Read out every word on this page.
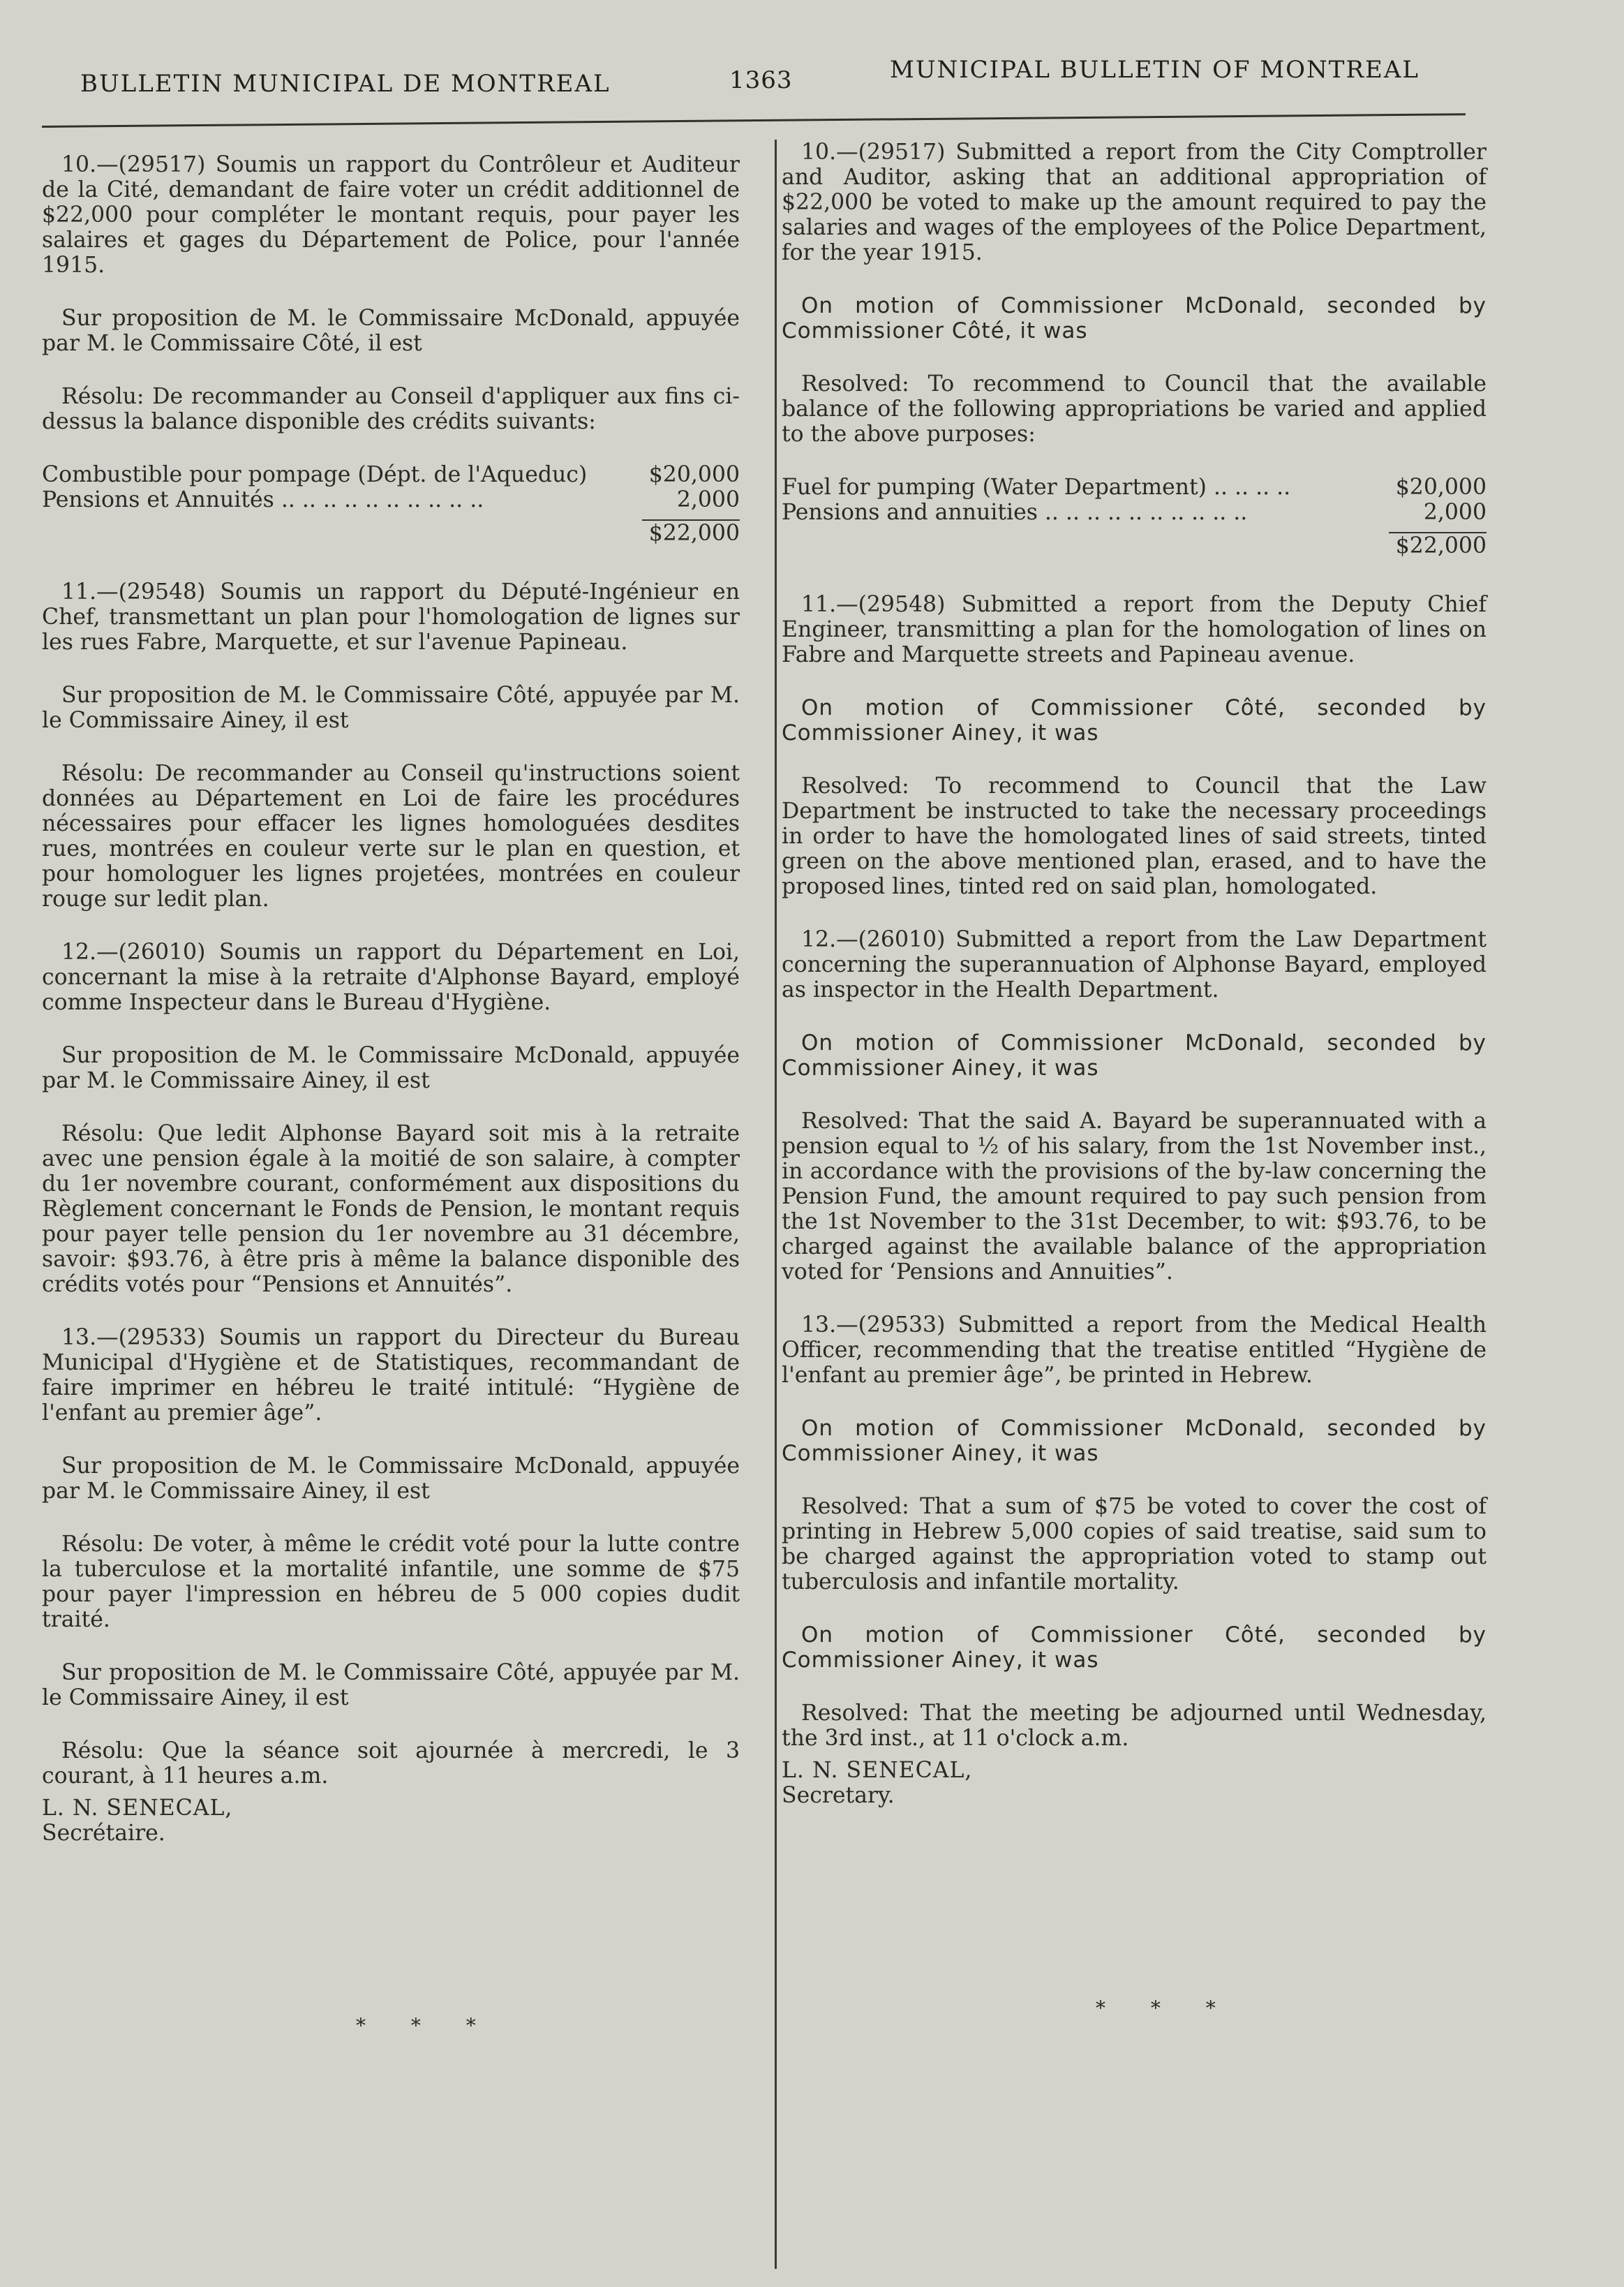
BULLETIN MUNICIPAL DE MONTREAL	1363	MUNICIPAL BULLETIN OF MONTREAL

10.—(29517) Soumis un rapport du Contrôleur et Auditeur de la Cité, demandant de faire voter un crédit additionnel de $22,000 pour compléter le montant requis, pour payer les salaires et gages du Département de Police, pour l'année 1915.

Sur proposition de M. le Commissaire McDonald, appuyée par M. le Commissaire Côté, il est

Résolu: De recommander au Conseil d'appliquer aux fins ci-dessus la balance disponible des crédits suivants:

Combustible pour pompage (Dépt. de l'Aqueduc)	$20,000
Pensions et Annuités .. .. .. .. .. .. .. .. .. ..	2,000
$22,000

11.—(29548) Soumis un rapport du Député-Ingénieur en Chef, transmettant un plan pour l'homologation de lignes sur les rues Fabre, Marquette, et sur l'avenue Papineau.

Sur proposition de M. le Commissaire Côté, appuyée par M. le Commissaire Ainey, il est

Résolu: De recommander au Conseil qu'instructions soient données au Département en Loi de faire les procédures nécessaires pour effacer les lignes homologuées desdites rues, montrées en couleur verte sur le plan en question, et pour homologuer les lignes projetées, montrées en couleur rouge sur ledit plan.

12.—(26010) Soumis un rapport du Département en Loi, concernant la mise à la retraite d'Alphonse Bayard, employé comme Inspecteur dans le Bureau d'Hygiène.

Sur proposition de M. le Commissaire McDonald, appuyée par M. le Commissaire Ainey, il est

Résolu: Que ledit Alphonse Bayard soit mis à la retraite avec une pension égale à la moitié de son salaire, à compter du 1er novembre courant, conformément aux dispositions du Règlement concernant le Fonds de Pension, le montant requis pour payer telle pension du 1er novembre au 31 décembre, savoir: $93.76, à être pris à même la balance disponible des crédits votés pour “Pensions et Annuités”.

13.—(29533) Soumis un rapport du Directeur du Bureau Municipal d'Hygiène et de Statistiques, recommandant de faire imprimer en hébreu le traité intitulé: “Hygiène de l'enfant au premier âge”.

Sur proposition de M. le Commissaire McDonald, appuyée par M. le Commissaire Ainey, il est

Résolu: De voter, à même le crédit voté pour la lutte contre la tuberculose et la mortalité infantile, une somme de $75 pour payer l'impression en hébreu de 5 000 copies dudit traité.

Sur proposition de M. le Commissaire Côté, appuyée par M. le Commissaire Ainey, il est

Résolu: Que la séance soit ajournée à mercredi, le 3 courant, à 11 heures a.m.

L. N. SENECAL,

Secrétaire.

10.—(29517) Submitted a report from the City Comptroller and Auditor, asking that an additional appropriation of $22,000 be voted to make up the amount required to pay the salaries and wages of the employees of the Police Department, for the year 1915.

On motion of Commissioner McDonald, seconded by Commissioner Côté, it was

Resolved: To recommend to Council that the available balance of the following appropriations be varied and applied to the above purposes:

Fuel for pumping (Water Department) .. .. .. ..	$20,000
Pensions and annuities .. .. .. .. .. .. .. .. .. ..	2,000
$22,000

11.—(29548) Submitted a report from the Deputy Chief Engineer, transmitting a plan for the homologation of lines on Fabre and Marquette streets and Papineau avenue.

On motion of Commissioner Côté, seconded by Commissioner Ainey, it was

Resolved: To recommend to Council that the Law Department be instructed to take the necessary proceedings in order to have the homologated lines of said streets, tinted green on the above mentioned plan, erased, and to have the proposed lines, tinted red on said plan, homologated.

12.—(26010) Submitted a report from the Law Department concerning the superannuation of Alphonse Bayard, employed as inspector in the Health Department.

On motion of Commissioner McDonald, seconded by Commissioner Ainey, it was

Resolved: That the said A. Bayard be superannuated with a pension equal to ½ of his salary, from the 1st November inst., in accordance with the provisions of the by-law concerning the Pension Fund, the amount required to pay such pension from the 1st November to the 31st December, to wit: $93.76, to be charged against the available balance of the appropriation voted for ‘Pensions and Annuities”.

13.—(29533) Submitted a report from the Medical Health Officer, recommending that the treatise entitled “Hygiène de l'enfant au premier âge”, be printed in Hebrew.

On motion of Commissioner McDonald, seconded by Commissioner Ainey, it was

Resolved: That a sum of $75 be voted to cover the cost of printing in Hebrew 5,000 copies of said treatise, said sum to be charged against the appropriation voted to stamp out tuberculosis and infantile mortality.

On motion of Commissioner Côté, seconded by Commissioner Ainey, it was

Resolved: That the meeting be adjourned until Wednesday, the 3rd inst., at 11 o'clock a.m.

L. N. SENECAL,

Secretary.

* * *
* * *
